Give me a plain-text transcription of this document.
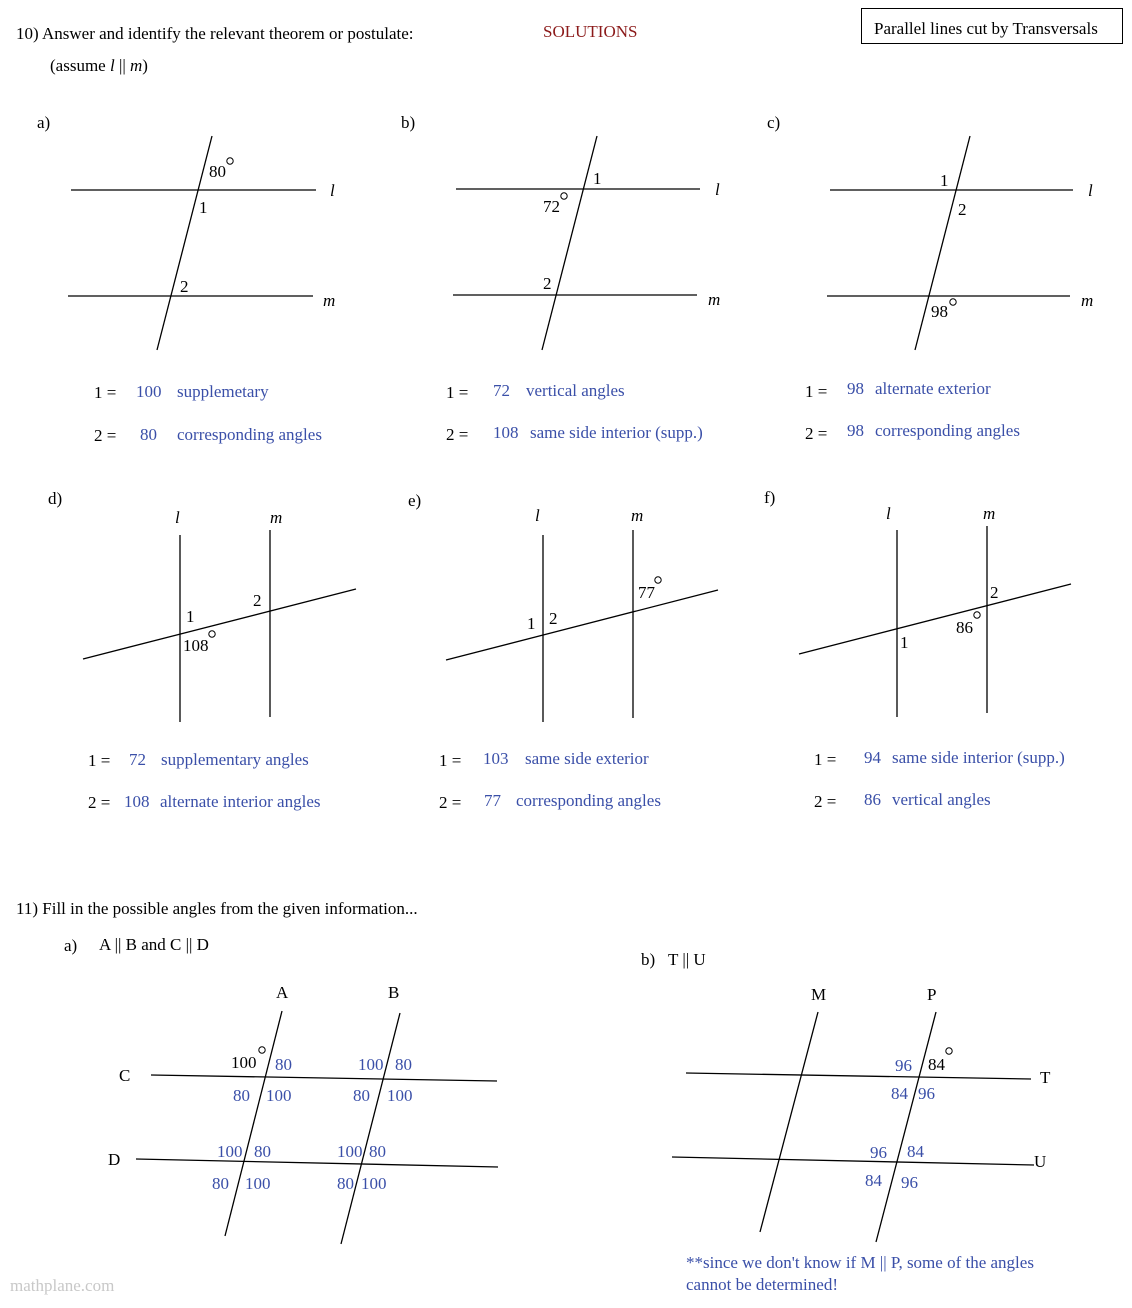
10) Answer and identify the relevant theorem or postulate:
(assume l || m)
SOLUTIONS	Parallel lines cut by Transversals
a)
80
1
2
l
m
1 = 100 supplemetary
2 = 80 corresponding angles
b)
72
1
2
l
m
1 = 72 vertical angles
2 = 108 same side interior (supp.)
c)
98
1
2
l
m
1 = 98 alternate exterior
2 = 98 corresponding angles
d)
l	m
1
2
108
1 = 72 supplementary angles
2 = 108 alternate interior angles
e)
l	m
77
1 2
1 = 103 same side exterior
2 = 77 corresponding angles
f)
l	m
2
86
1
1 = 94 same side interior (supp.)
2 = 86 vertical angles
11) Fill in the possible angles from the given information...
a) A || B and C || D
b) T || U
A	B
C
D
100 80
80 100
100 80
80 100
100 80
80 100
100 80
80 100
M	P
T
U
84
96
84 96
96 84
84 96
**since we don't know if M || P, some of the angles
cannot be determined!
mathplane.com
